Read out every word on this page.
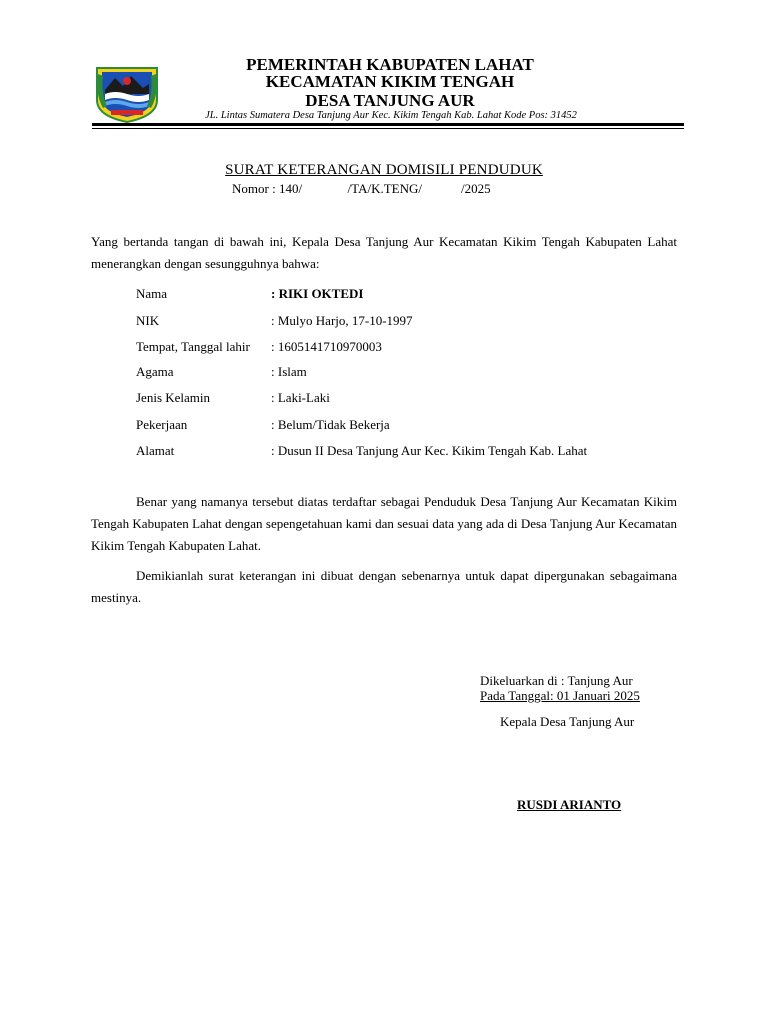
PEMERINTAH KABUPATEN LAHAT
KECAMATAN KIKIM TENGAH
DESA TANJUNG AUR
JL. Lintas Sumatera Desa Tanjung Aur Kec. Kikim Tengah Kab. Lahat Kode Pos: 31452
SURAT KETERANGAN DOMISILI PENDUDUK
Nomor : 140/              /TA/K.TENG/            /2025
Yang bertanda tangan di bawah ini, Kepala Desa Tanjung Aur Kecamatan Kikim Tengah Kabupaten Lahat menerangkan dengan sesungguhnya bahwa:
Nama	: RIKI OKTEDI
NIK	: Mulyo Harjo, 17-10-1997
Tempat, Tanggal lahir : 1605141710970003
Agama	: Islam
Jenis Kelamin	: Laki-Laki
Pekerjaan	: Belum/Tidak Bekerja
Alamat	: Dusun II Desa Tanjung Aur Kec. Kikim Tengah Kab. Lahat
Benar yang namanya tersebut diatas terdaftar sebagai Penduduk Desa Tanjung Aur Kecamatan Kikim Tengah Kabupaten Lahat dengan sepengetahuan kami dan sesuai data yang ada di Desa Tanjung Aur Kecamatan Kikim Tengah Kabupaten Lahat.
Demikianlah surat keterangan ini dibuat dengan sebenarnya untuk dapat dipergunakan sebagaimana mestinya.
Dikeluarkan di : Tanjung Aur
Pada Tanggal: 01 Januari 2025
Kepala Desa Tanjung Aur
RUSDI ARIANTO
